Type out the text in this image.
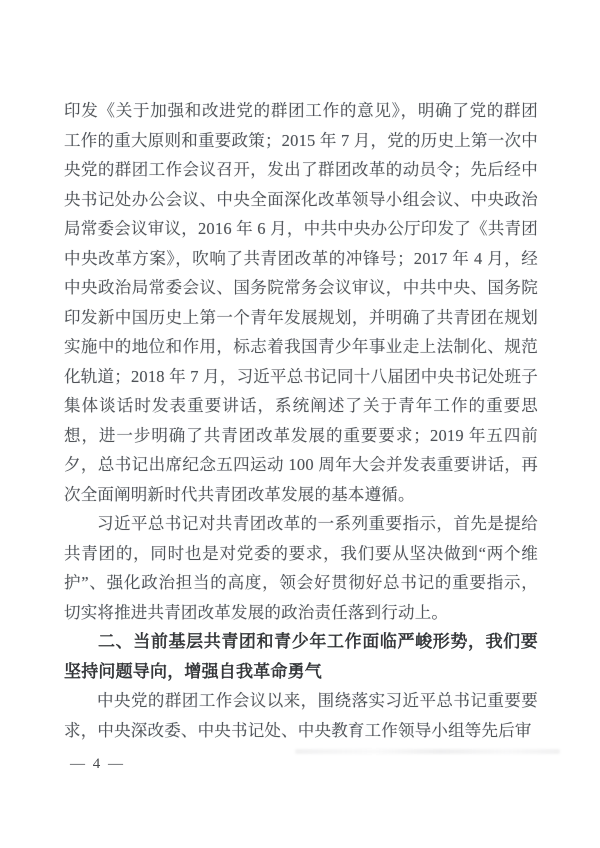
印发《关于加强和改进党的群团工作的意见》，明确了党的群团工作的重大原则和重要政策；2015 年 7 月，党的历史上第一次中央党的群团工作会议召开，发出了群团改革的动员令；先后经中央书记处办公会议、中央全面深化改革领导小组会议、中央政治局常委会议审议，2016 年 6 月，中共中央办公厅印发了《共青团中央改革方案》，吹响了共青团改革的冲锋号；2017 年 4 月，经中央政治局常委会议、国务院常务会议审议，中共中央、国务院印发新中国历史上第一个青年发展规划，并明确了共青团在规划实施中的地位和作用，标志着我国青少年事业走上法制化、规范化轨道；2018 年 7 月，习近平总书记同十八届团中央书记处班子集体谈话时发表重要讲话，系统阐述了关于青年工作的重要思想，进一步明确了共青团改革发展的重要要求；2019 年五四前夕，总书记出席纪念五四运动 100 周年大会并发表重要讲话，再次全面阐明新时代共青团改革发展的基本遵循。

习近平总书记对共青团改革的一系列重要指示，首先是提给共青团的，同时也是对党委的要求，我们要从坚决做到“两个维护”、强化政治担当的高度，领会好贯彻好总书记的重要指示，切实将推进共青团改革发展的政治责任落到行动上。

二、当前基层共青团和青少年工作面临严峻形势，我们要坚持问题导向，增强自我革命勇气

中央党的群团工作会议以来，围绕落实习近平总书记重要要求，中央深改委、中央书记处、中央教育工作领导小组等先后审

— 4 —
